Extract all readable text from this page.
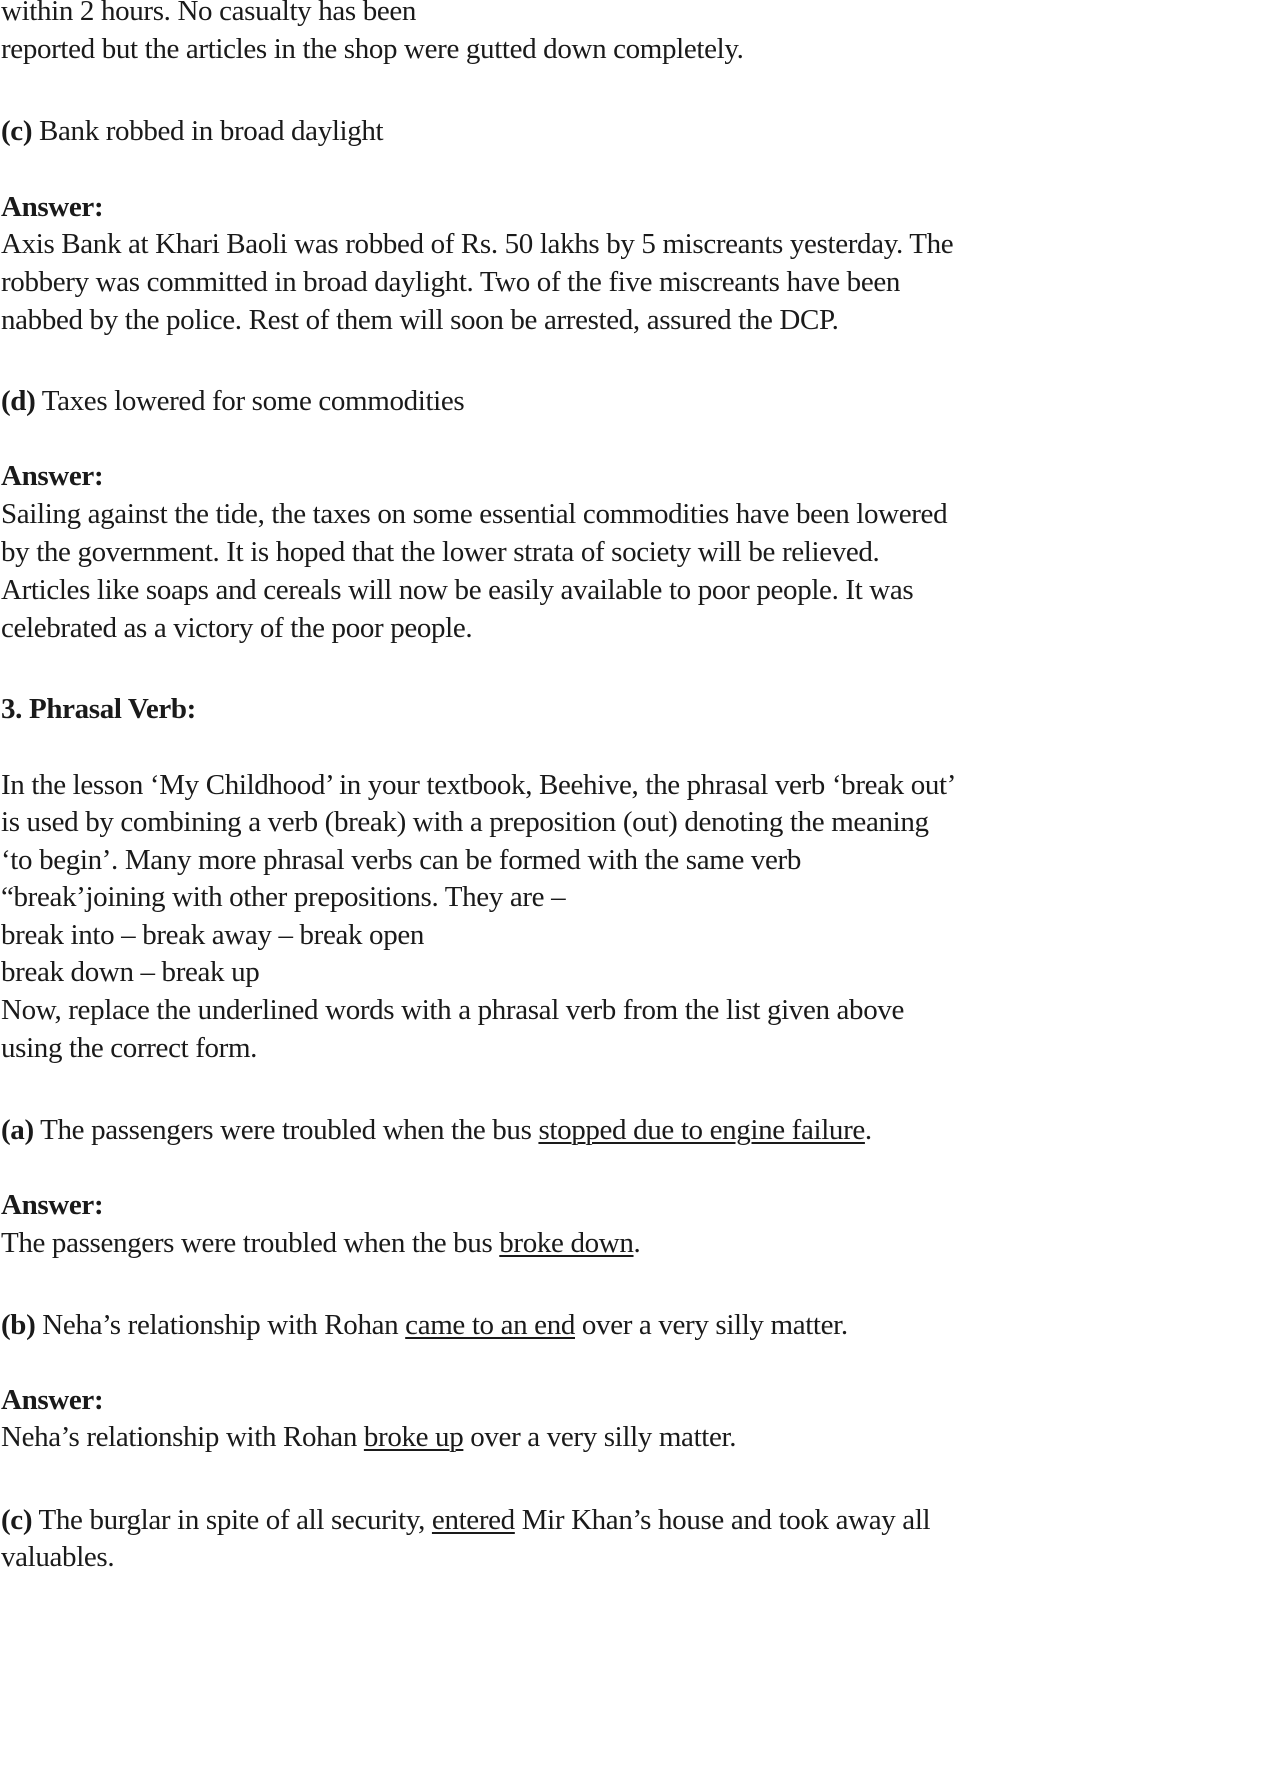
within 2 hours. No casualty has been
reported but the articles in the shop were gutted down completely.
(c) Bank robbed in broad daylight
Answer:
Axis Bank at Khari Baoli was robbed of Rs. 50 lakhs by 5 miscreants yesterday. The
robbery was committed in broad daylight. Two of the five miscreants have been
nabbed by the police. Rest of them will soon be arrested, assured the DCP.
(d) Taxes lowered for some commodities
Answer:
Sailing against the tide, the taxes on some essential commodities have been lowered
by the government. It is hoped that the lower strata of society will be relieved.
Articles like soaps and cereals will now be easily available to poor people. It was
celebrated as a victory of the poor people.
3. Phrasal Verb:
In the lesson ‘My Childhood’ in your textbook, Beehive, the phrasal verb ‘break out’
is used by combining a verb (break) with a preposition (out) denoting the meaning
‘to begin’. Many more phrasal verbs can be formed with the same verb
“break’joining with other prepositions. They are –
break into – break away – break open
break down – break up
Now, replace the underlined words with a phrasal verb from the list given above
using the correct form.
(a) The passengers were troubled when the bus stopped due to engine failure.
Answer:
The passengers were troubled when the bus broke down.
(b) Neha’s relationship with Rohan came to an end over a very silly matter.
Answer:
Neha’s relationship with Rohan broke up over a very silly matter.
(c) The burglar in spite of all security, entered Mir Khan’s house and took away all
valuables.
